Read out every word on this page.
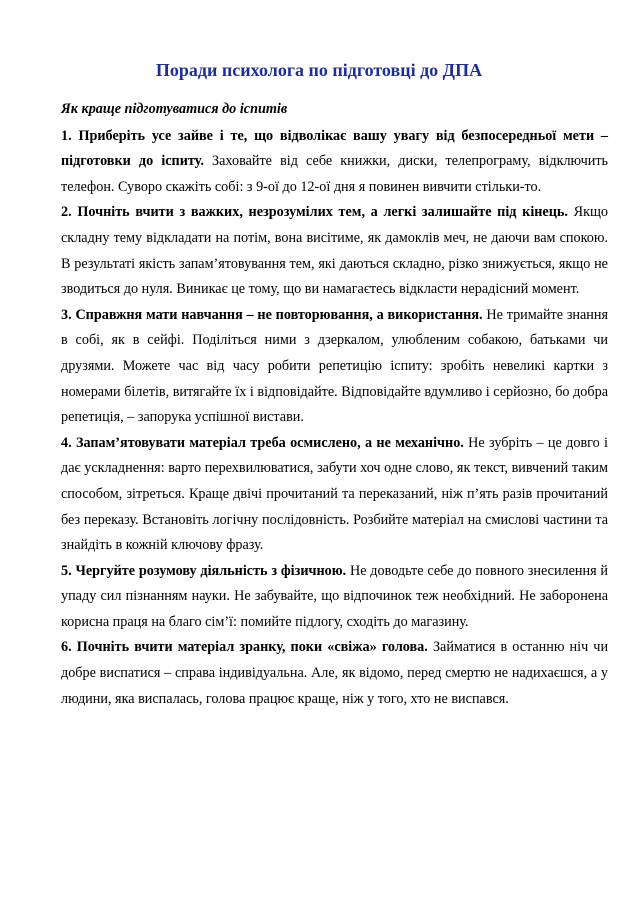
Поради психолога по підготовці до ДПА

Як краще підготуватися до іспитів

1. Приберіть усе зайве і те, що відволікає вашу увагу від безпосередньої мети – підготовки до іспиту. Заховайте від себе книжки, диски, телепрограму, відключить телефон. Суворо скажіть собі: з 9-ої до 12-ої дня я повинен вивчити стільки-то.

2. Почніть вчити з важких, незрозумілих тем, а легкі залишайте під кінець. Якщо складну тему відкладати на потім, вона висітиме, як дамоклів меч, не даючи вам спокою. В результаті якість запам’ятовування тем, які даються складно, різко знижується, якщо не зводиться до нуля. Виникає це тому, що ви намагаєтесь відкласти нерадісний момент.

3. Справжня мати навчання – не повторювання, а використання. Не тримайте знання в собі, як в сейфі. Поділіться ними з дзеркалом, улюбленим собакою, батьками чи друзями. Можете час від часу робити репетицію іспиту: зробіть невеликі картки з номерами білетів, витягайте їх і відповідайте. Відповідайте вдумливо і серйозно, бо добра репетиція, – запорука успішної вистави.

4. Запам’ятовувати матеріал треба осмислено, а не механічно. Не зубріть – це довго і дає ускладнення: варто перехвилюватися, забути хоч одне слово, як текст, вивчений таким способом, зітреться. Краще двічі прочитаний та переказаний, ніж п’ять разів прочитаний без переказу. Встановіть логічну послідовність. Розбийте матеріал на смислові частини та знайдіть в кожній ключову фразу.

5. Чергуйте розумову діяльність з фізичною. Не доводьте себе до повного знесилення й упаду сил пізнанням науки. Не забувайте, що відпочинок теж необхідний. Не заборонена корисна праця на благо сім’ї: помийте підлогу, сходіть до магазину.

6. Почніть вчити матеріал зранку, поки «свіжа» голова. Займатися в останню ніч чи добре виспатися – справа індивідуальна. Але, як відомо, перед смертю не надихаєшся, а у людини, яка виспалась, голова працює краще, ніж у того, хто не виспався.
